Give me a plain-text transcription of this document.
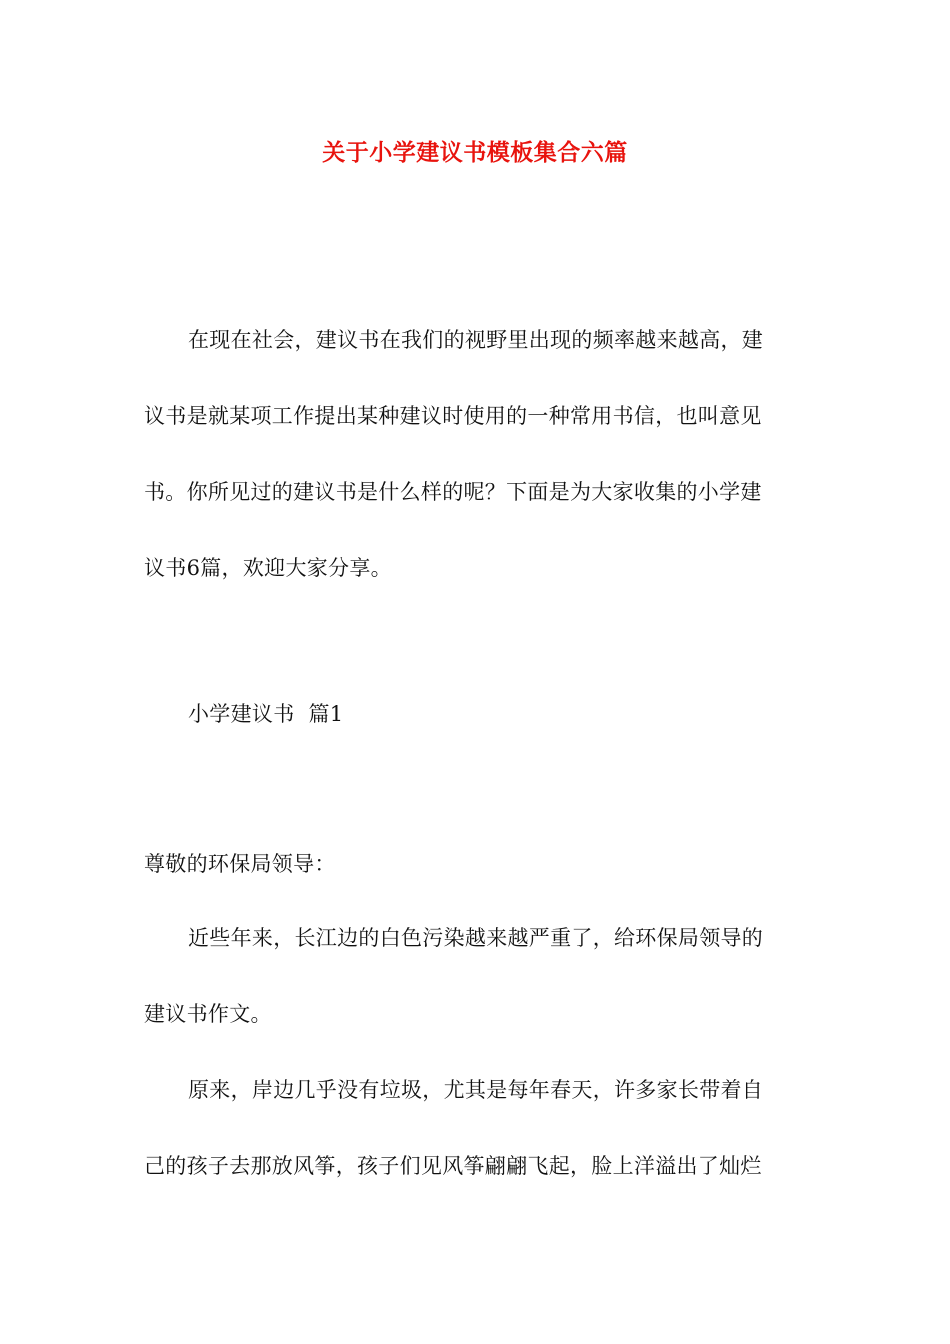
关于小学建议书模板集合六篇
在现在社会，建议书在我们的视野里出现的频率越来越高，建
议书是就某项工作提出某种建议时使用的一种常用书信，也叫意见
书。你所见过的建议书是什么样的呢？下面是为大家收集的小学建
议书6篇，欢迎大家分享。
小学建议书  篇1
尊敬的环保局领导：
近些年来，长江边的白色污染越来越严重了，给环保局领导的
建议书作文。
原来，岸边几乎没有垃圾，尤其是每年春天，许多家长带着自
己的孩子去那放风筝，孩子们见风筝翩翩飞起，脸上洋溢出了灿烂
